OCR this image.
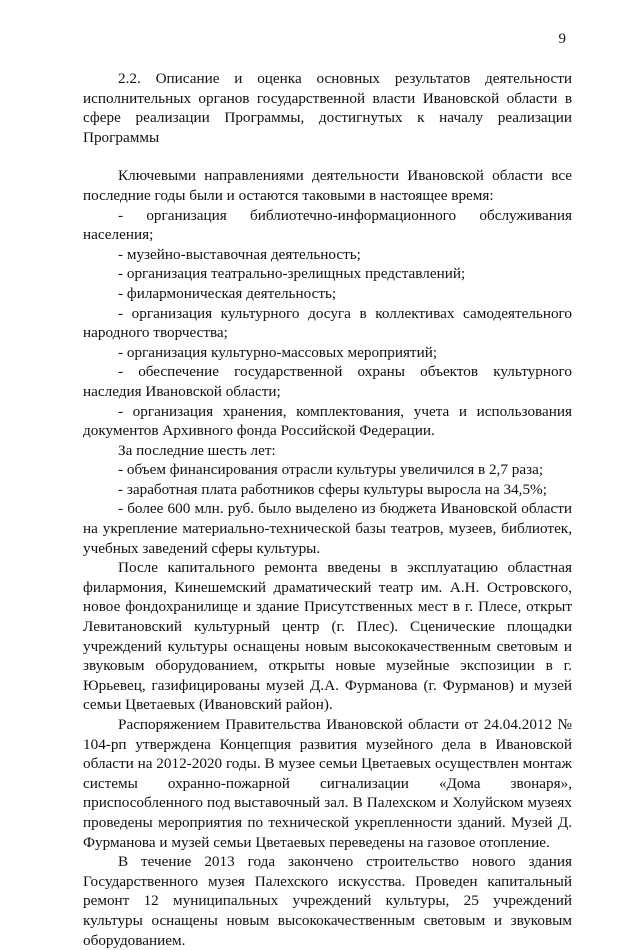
9
2.2. Описание и оценка основных результатов деятельности исполнительных органов государственной власти Ивановской области в сфере реализации Программы, достигнутых к началу реализации Программы

Ключевыми направлениями деятельности Ивановской области все последние годы были и остаются таковыми в настоящее время:

- организация библиотечно-информационного обслуживания населения;

- музейно-выставочная деятельность;

- организация театрально-зрелищных представлений;

- филармоническая деятельность;

- организация культурного досуга в коллективах самодеятельного народного творчества;

- организация культурно-массовых мероприятий;

- обеспечение государственной охраны объектов культурного наследия Ивановской области;

- организация хранения, комплектования, учета и использования документов Архивного фонда Российской Федерации.

За последние шесть лет:

- объем финансирования отрасли культуры увеличился в 2,7 раза;

- заработная плата работников сферы культуры выросла на 34,5%;

- более 600 млн. руб. было выделено из бюджета Ивановской области на укрепление материально-технической базы театров, музеев, библиотек, учебных заведений сферы культуры.

После капитального ремонта введены в эксплуатацию областная филармония, Кинешемский драматический театр им. А.Н. Островского, новое фондохранилище и здание Присутственных мест в г. Плесе, открыт Левитановский культурный центр (г. Плес). Сценические площадки учреждений культуры оснащены новым высококачественным световым и звуковым оборудованием, открыты новые музейные экспозиции в г. Юрьевец, газифицированы музей Д.А. Фурманова (г. Фурманов) и музей семьи Цветаевых (Ивановский район).

Распоряжением Правительства Ивановской области от 24.04.2012 № 104-рп утверждена Концепция развития музейного дела в Ивановской области на 2012-2020 годы. В музее семьи Цветаевых осуществлен монтаж системы охранно-пожарной сигнализации «Дома звонаря», приспособленного под выставочный зал. В Палехском и Холуйском музеях проведены мероприятия по технической укрепленности зданий. Музей Д. Фурманова и музей семьи Цветаевых переведены на газовое отопление.

В течение 2013 года закончено строительство нового здания Государственного музея Палехского искусства. Проведен капитальный ремонт 12 муниципальных учреждений культуры, 25 учреждений культуры оснащены новым высококачественным световым и звуковым оборудованием.
